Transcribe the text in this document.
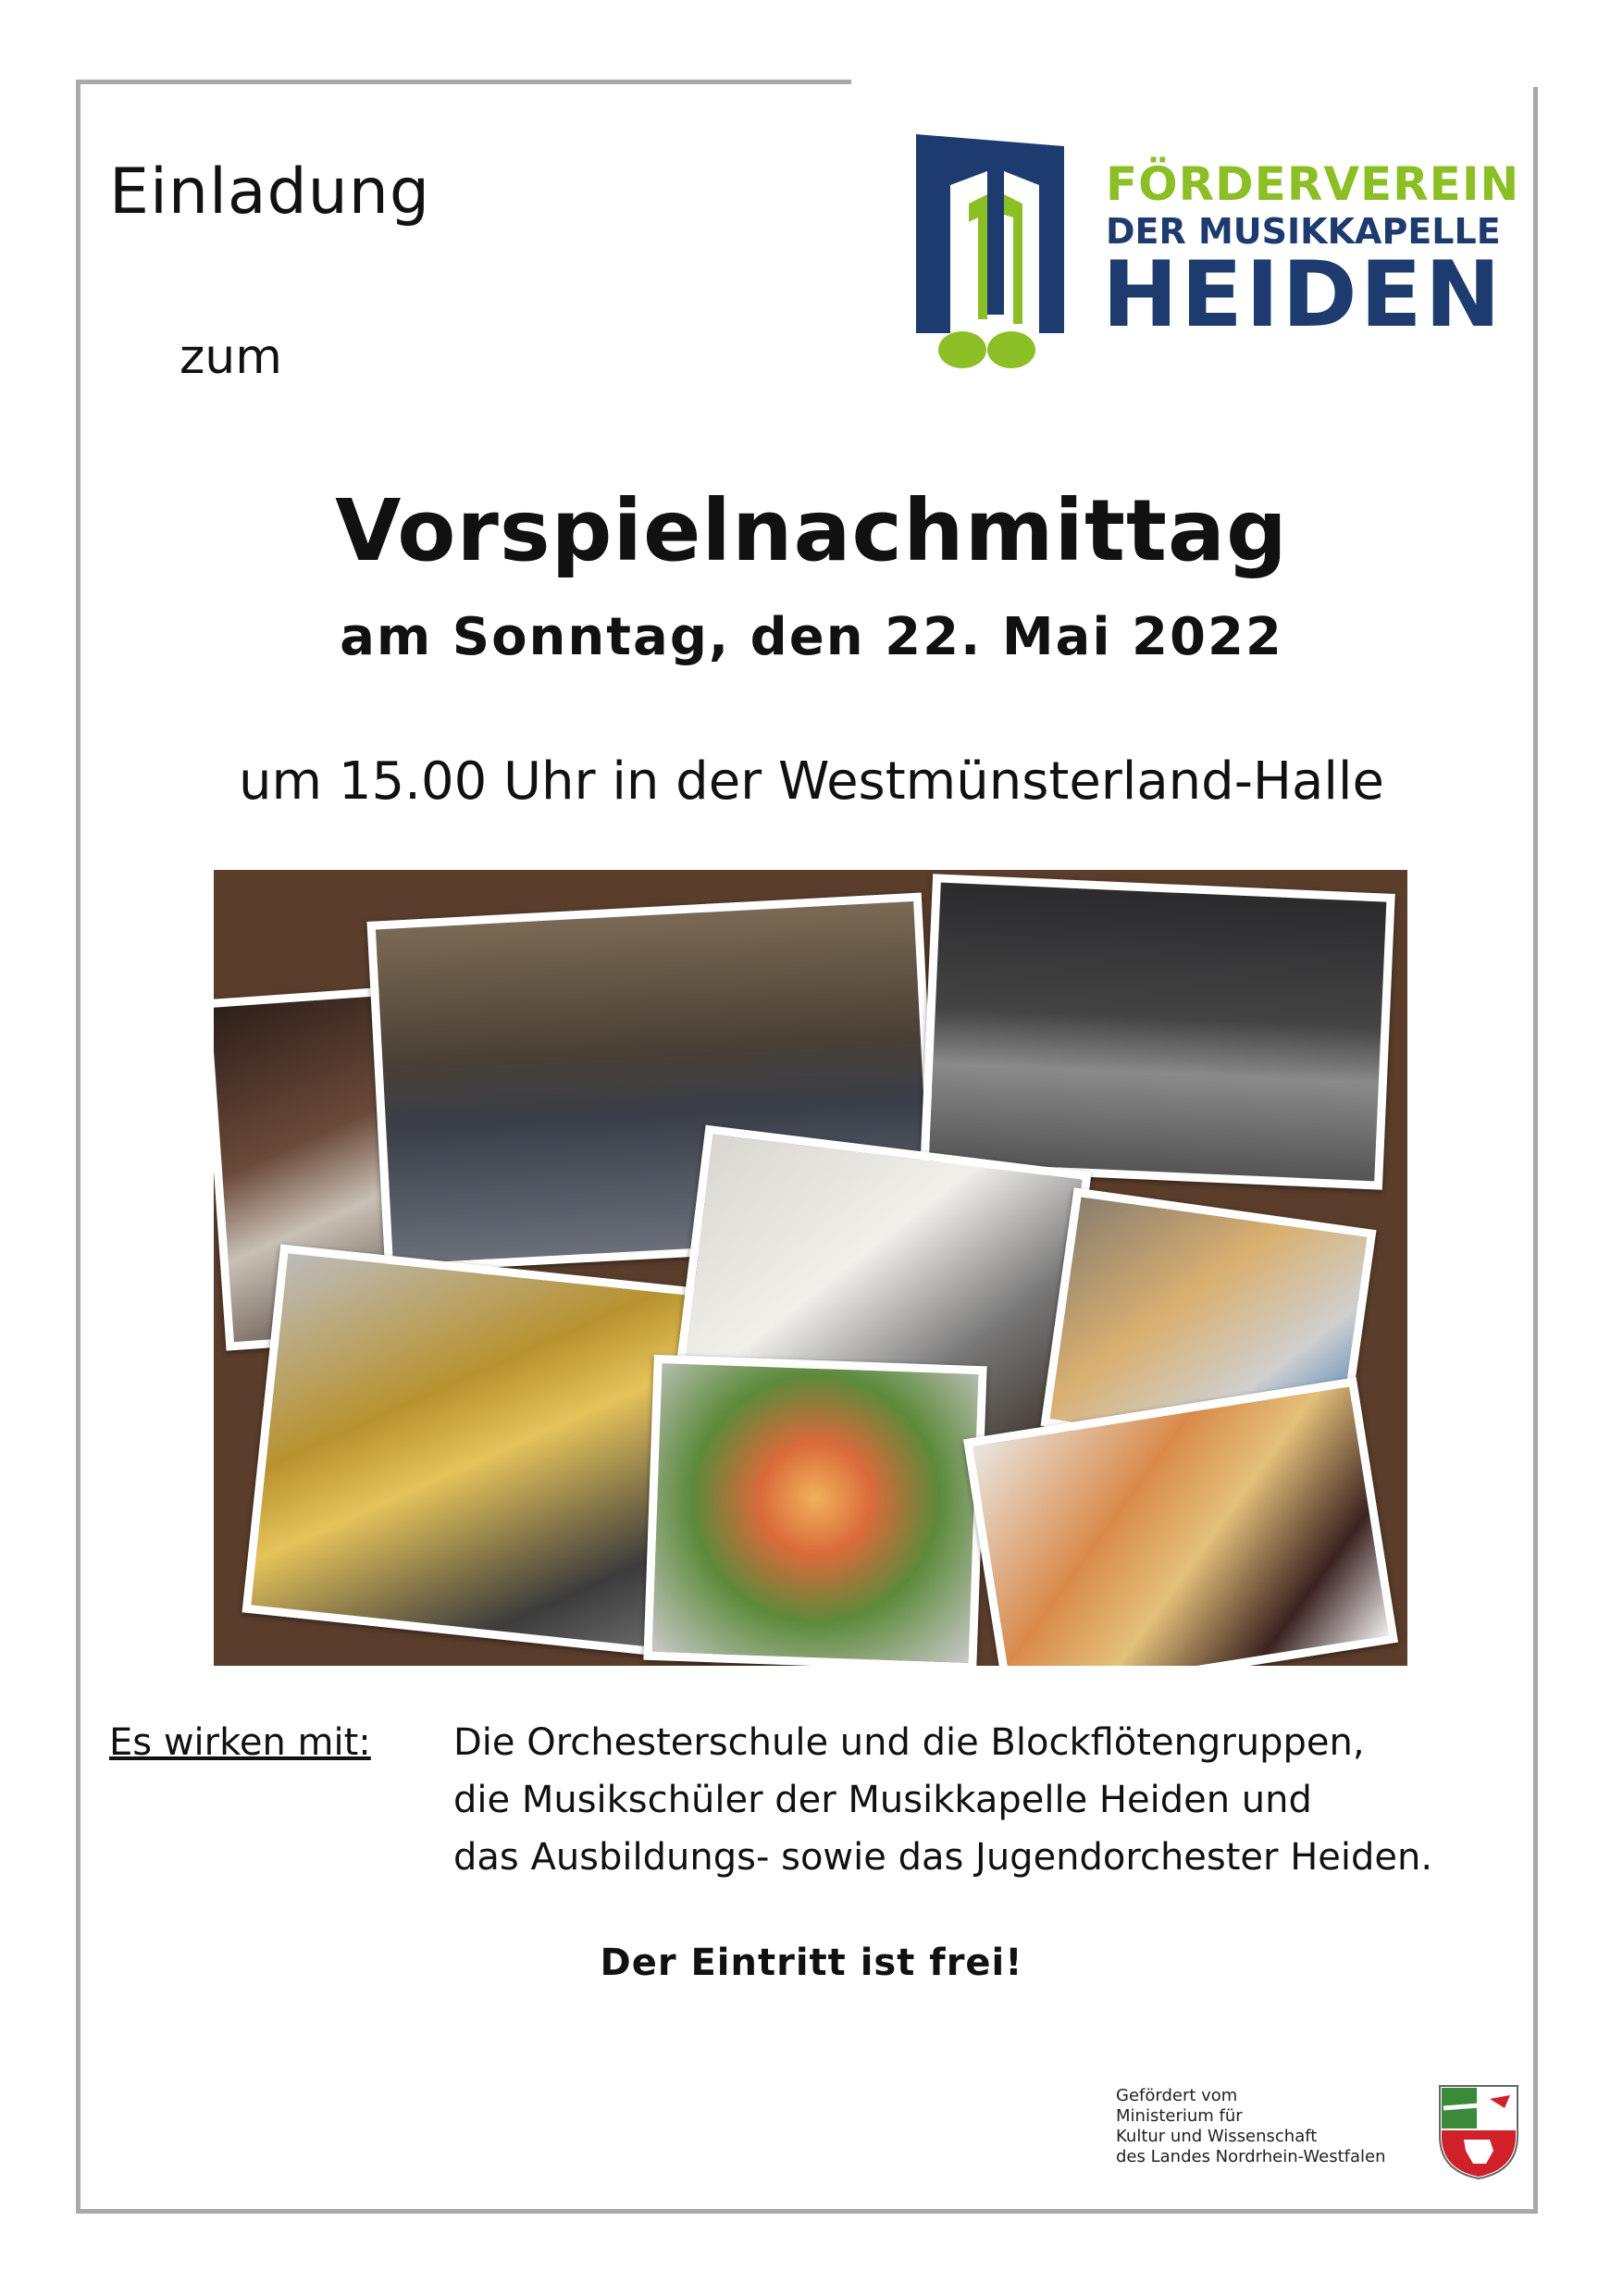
Einladung
zum
FÖRDERVEREIN
DER MUSIKKAPELLE
HEIDEN
Vorspielnachmittag
am Sonntag, den 22. Mai 2022
um 15.00 Uhr in der Westmünsterland-Halle
Es wirken mit: Die Orchesterschule und die Blockflötengruppen,
die Musikschüler der Musikkapelle Heiden und
das Ausbildungs- sowie das Jugendorchester Heiden.
Der Eintritt ist frei!
Gefördert vom
Ministerium für
Kultur und Wissenschaft
des Landes Nordrhein-Westfalen
